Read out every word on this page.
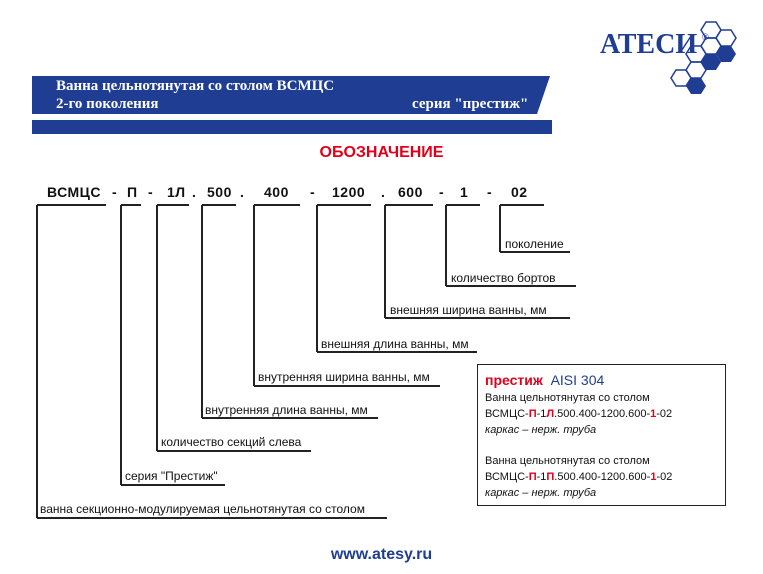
АТЕСИ ®
Ванна цельнотянутая со столом ВСМЦС
2-го поколения	серия "престиж"
ОБОЗНАЧЕНИЕ
ВСМЦС - П - 1Л . 500 . 400 - 1200 . 600 - 1 - 02
поколение
количество бортов
внешняя ширина ванны, мм
внешняя длина ванны, мм
внутренняя ширина ванны, мм
внутренняя длина ванны, мм
количество секций слева
серия "Престиж"
ванна секционно-модулируемая цельнотянутая со столом
престиж AISI 304
Ванна цельнотянутая со столом
ВСМЦС-П-1Л.500.400-1200.600-1-02
каркас – нерж. труба
Ванна цельнотянутая со столом
ВСМЦС-П-1П.500.400-1200.600-1-02
каркас – нерж. труба
www.atesy.ru
